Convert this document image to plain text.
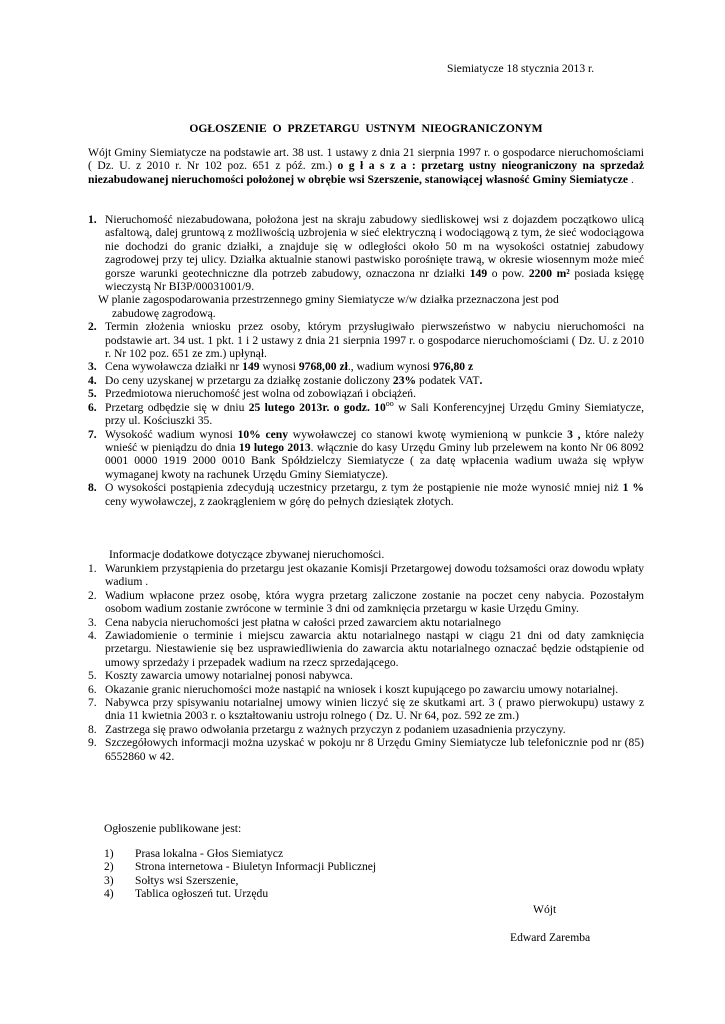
Siemiatycze 18 stycznia 2013 r.
OGŁOSZENIE O PRZETARGU USTNYM NIEOGRANICZONYM
Wójt Gminy Siemiatycze na podstawie art. 38 ust. 1 ustawy z dnia 21 sierpnia 1997 r. o gospodarce nieruchomościami ( Dz. U. z 2010 r. Nr 102 poz. 651 z póź. zm.) o g ł a s z a : przetarg ustny nieograniczony na sprzedaż niezabudowanej nieruchomości położonej w obrębie wsi Szerszenie, stanowiącej własność Gminy Siemiatycze .
1. Nieruchomość niezabudowana, położona jest na skraju zabudowy siedliskowej wsi z dojazdem początkowo ulicą asfaltową, dalej gruntową z możliwością uzbrojenia w sieć elektryczną i wodociągową z tym, że sieć wodociągowa nie dochodzi do granic działki, a znajduje się w odległości około 50 m na wysokości ostatniej zabudowy zagrodowej przy tej ulicy. Działka aktualnie stanowi pastwisko porośnięte trawą, w okresie wiosennym może mieć gorsze warunki geotechniczne dla potrzeb zabudowy, oznaczona nr działki 149 o pow. 2200 m² posiada księgę wieczystą Nr BI3P/00031001/9.
W planie zagospodarowania przestrzennego gminy Siemiatycze w/w działka przeznaczona jest pod
zabudowę zagrodową.
2. Termin złożenia wniosku przez osoby, którym przysługiwało pierwszeństwo w nabyciu nieruchomości na podstawie art. 34 ust. 1 pkt. 1 i 2 ustawy z dnia 21 sierpnia 1997 r. o gospodarce nieruchomościami ( Dz. U. z 2010 r. Nr 102 poz. 651 ze zm.) upłynął.
3. Cena wywoławcza działki nr 149 wynosi 9768,00 zł., wadium wynosi 976,80 z
4. Do ceny uzyskanej w przetargu za działkę zostanie doliczony 23% podatek VAT.
5. Przedmiotowa nieruchomość jest wolna od zobowiązań i obciążeń.
6. Przetarg odbędzie się w dniu 25 lutego 2013r. o godz. $10^{oo}$ w Sali Konferencyjnej Urzędu Gminy Siemiatycze, przy ul. Kościuszki 35.
7. Wysokość wadium wynosi 10% ceny wywoławczej co stanowi kwotę wymienioną w punkcie 3 , które należy wnieść w pieniądzu do dnia 19 lutego 2013. włącznie do kasy Urzędu Gminy lub przelewem na konto Nr 06 8092 0001 0000 1919 2000 0010 Bank Spółdzielczy Siemiatycze ( za datę wpłacenia wadium uważa się wpływ wymaganej kwoty na rachunek Urzędu Gminy Siemiatycze).
8. O wysokości postąpienia zdecydują uczestnicy przetargu, z tym że postąpienie nie może wynosić mniej niż 1 % ceny wywoławczej, z zaokrągleniem w górę do pełnych dziesiątek złotych.
Informacje dodatkowe dotyczące zbywanej nieruchomości.
1. Warunkiem przystąpienia do przetargu jest okazanie Komisji Przetargowej dowodu tożsamości oraz dowodu wpłaty wadium .
2. Wadium wpłacone przez osobę, która wygra przetarg zaliczone zostanie na poczet ceny nabycia. Pozostałym osobom wadium zostanie zwrócone w terminie 3 dni od zamknięcia przetargu w kasie Urzędu Gminy.
3. Cena nabycia nieruchomości jest płatna w całości przed zawarciem aktu notarialnego
4. Zawiadomienie o terminie i miejscu zawarcia aktu notarialnego nastąpi w ciągu 21 dni od daty zamknięcia przetargu. Niestawienie się bez usprawiedliwienia do zawarcia aktu notarialnego oznaczać będzie odstąpienie od umowy sprzedaży i przepadek wadium na rzecz sprzedającego.
5. Koszty zawarcia umowy notarialnej ponosi nabywca.
6. Okazanie granic nieruchomości może nastąpić na wniosek i koszt kupującego po zawarciu umowy notarialnej.
7. Nabywca przy spisywaniu notarialnej umowy winien liczyć się ze skutkami art. 3 ( prawo pierwokupu) ustawy z dnia 11 kwietnia 2003 r. o kształtowaniu ustroju rolnego ( Dz. U. Nr 64, poz. 592 ze zm.)
8. Zastrzega się prawo odwołania przetargu z ważnych przyczyn z podaniem uzasadnienia przyczyny.
9. Szczegółowych informacji można uzyskać w pokoju nr 8 Urzędu Gminy Siemiatycze lub telefonicznie pod nr (85) 6552860 w 42.
Ogłoszenie publikowane jest:
1) Prasa lokalna - Głos Siemiatycz
2) Strona internetowa - Biuletyn Informacji Publicznej
3) Sołtys wsi Szerszenie,
4) Tablica ogłoszeń tut. Urzędu
Wójt
Edward Zaremba
